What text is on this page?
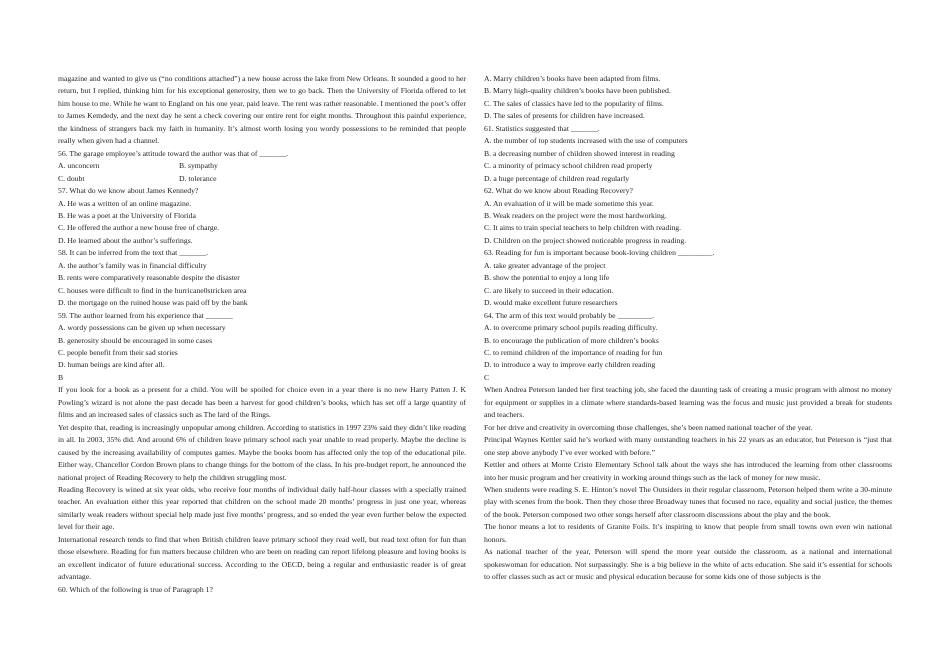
magazine and wanted to give us (“no conditions attached”) a new house across the lake from New Orleans. It sounded a good to her return, but I replied, thinking him for his exceptional generosity, then we to go back. Then the University of Florida offered to let him house to me. While he want to England on his one year, paid leave. The rent was rather reasonable. I mentioned the poet’s offer to James Kemdedy, and the next day he sent a check covering our entire rent for eight months. Throughout this painful experience, the kindness of strangers back my faith in humanity. It’s almost worth losing you wordy possessions to be reminded that people really when given had a channel.

56. The garage employee’s attitude toward the author was that of _______.
A. unconcern	B. sympathy
C. doubt	D. tolerance
57. What do we know about James Kennedy?
A. He was a written of an online magazine.
B. He was a poet at the University of Florida
C. He offered the author a new house free of charge.
D. He learned about the author’s sufferings.
58. It can be inferred from the text that _______.
A. the author’s family was in financial difficulty
B. rents were comparatively reasonable despite the disaster
C. houses were difficult to find in the hurricane0stricken area
D. the mortgage on the ruined house was paid off by the bank
59. The author learned from his experience that _______
A. wordy possessions can be given up when necessary
B. generosity should be encouraged in some cases
C. people benefit from their sad stories
D. human beings are kind after all.
B

If you look for a book as a present for a child. You will be spoiled for choice even in a year there is no new Harry Patten J. K Powling’s wizard is not alone the past decade has been a harvest for good children’s books, which has set off a large quantity of films and an increased sales of classics such as The lard of the Rings.

Yet despite that, reading is increasingly unpopular among children. According to statistics in 1997 23% said they didn’t like reading in all. In 2003, 35% did. And around 6% of children leave primary school each year unable to read properly. Maybe the decline is caused by the increasing availability of computes games. Maybe the books boom has affected only the top of the educational pile. Either way, Chancellor Cordon Brown plans to change things for the bottom of the class. In his pre-budget report, he announced the national project of Reading Recovery to help the children struggling most.

Reading Recovery is wined at six year olds, who receive four months of individual daily half-hour classes with a specially trained teacher. An evaluation either this year reported that children on the school made 20 months’ progress in just one year, whereas similarly weak readers without special help made just five months’ progress, and so ended the year even further below the expected level for their age.

International research tends to find that when British children leave primary school they read well, but read text often for fun than those elsewhere. Reading for fun matters because children who are been on reading can report lifelong pleasure and loving books is an excellent indicator of future educational success. According to the OECD, being a regular and enthusiastic reader is of great advantage.

60. Which of the following is true of Paragraph 1?
A. Marry children’s books have been adapted from films.
B. Marry high-quality children’s books have been published.
C. The sales of classics have led to the popularity of films.
D. The sales of presents for children have increased.
61. Statistics suggested that _______.
A. the number of top students increased with the use of computers
B. a decreasing number of children showed interest in reading
C. a minority of primacy school children read properly
D. a huge percentage of children read regularly
62. What do we know about Reading Recovery?
A. An evaluation of it will be made sometime this year.
B. Weak readers on the project were the most hardworking.
C. It aims to train special teachers to help children with reading.
D. Children on the project showed noticeable progress in reading.
63. Reading for fun is important because book-loving children _________.
A. take greater advantage of the project
B. show the potential to enjoy a long life
C. are likely to succeed in their education.
D. would make excellent future researchers
64. The arm of this text would probably be _________.
A. to overcome primary school pupils reading difficulty.
B. to encourage the publication of more children’s books
C. to remind children of the importance of reading for fun
D. to introduce a way to improve early children reading
C

When Andrea Peterson landed her first teaching job, she faced the daunting task of creating a music program with almost no money for equipment or supplies in a climate where standards-based learning was the focus and music just provided a break for students and teachers.

For her drive and creativity in overcoming those challenges, she’s been named national teacher of the year.

Principal Waynes Kettler said he’s worked with many outstanding teachers in his 22 years as an educator, but Peterson is “just that one step above anybody I’ve ever worked with before.”

Kettler and others at Monte Cristo Elementary School talk about the ways she has introduced the learning from other classrooms into her music program and her creativity in working around things such as the lack of money for new music.

When students were reading S. E. Hinton’s novel The Outsiders in their regular classroom, Peterson helped them write a 30-minute play with scenes from the book. Then they chose three Broadway tunes that focused no race, equality and social justice, the themes of the book. Peterson composed two other songs herself after classroom discussions about the play and the book.

The honor means a lot to residents of Granite Foils. It’s inspiring to know that people from small towns own even win national honors.

As national teacher of the year, Peterson will spend the more year outside the classroom, as a national and international spokeswoman for education. Not surpassingly. She is a big believe in the white of acts education. She said it’s essential for schools to offer classes such as act or music and physical education because for some kids one of those subjects is the
